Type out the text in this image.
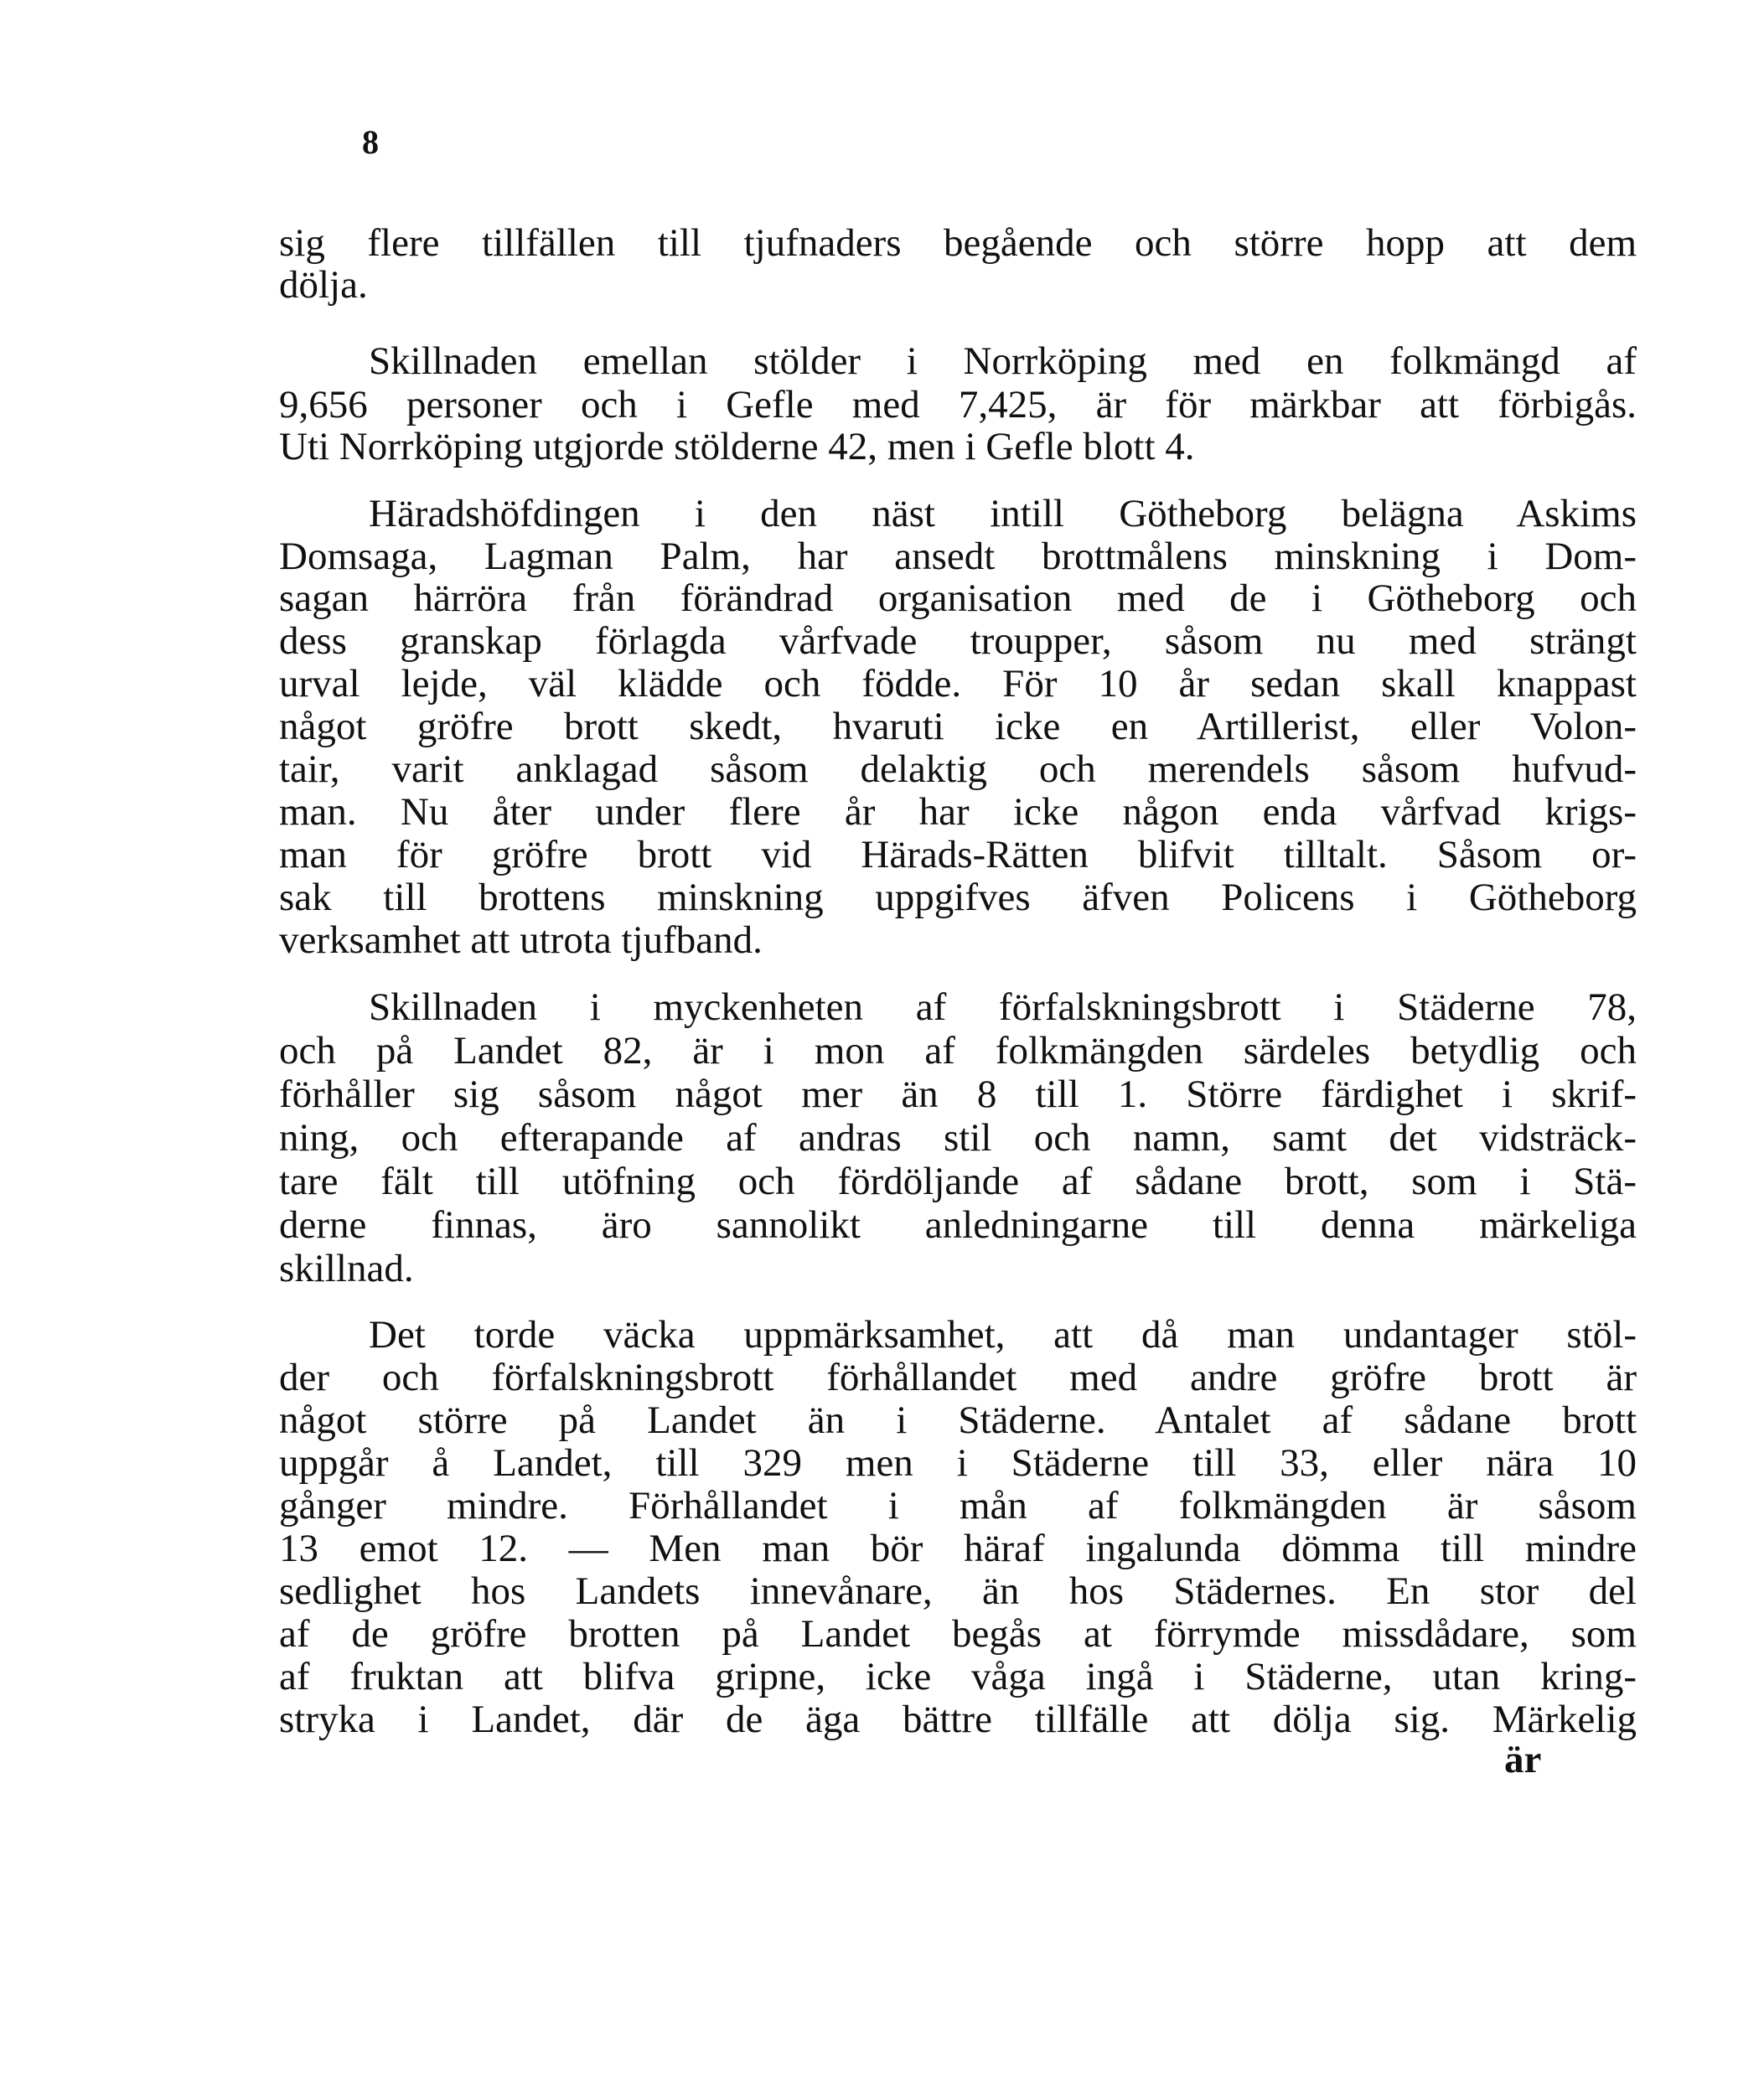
8
sig flere tillfällen till tjufnaders begående och större hopp att dem
dölja.
Skillnaden emellan stölder i Norrköping med en folkmängd af
9,656 personer och i Gefle med 7,425, är för märkbar att förbigås.
Uti Norrköping utgjorde stölderne 42, men i Gefle blott 4.
Häradshöfdingen i den näst intill Götheborg belägna Askims
Domsaga, Lagman Palm, har ansedt brottmålens minskning i Dom-
sagan härröra från förändrad organisation med de i Götheborg och
dess granskap förlagda vårfvade troupper, såsom nu med strängt
urval lejde, väl klädde och födde. För 10 år sedan skall knappast
något gröfre brott skedt, hvaruti icke en Artillerist, eller Volon-
tair, varit anklagad såsom delaktig och merendels såsom hufvud-
man. Nu åter under flere år har icke någon enda vårfvad krigs-
man för gröfre brott vid Härads-Rätten blifvit tilltalt. Såsom or-
sak till brottens minskning uppgifves äfven Policens i Götheborg
verksamhet att utrota tjufband.
Skillnaden i myckenheten af förfalskningsbrott i Städerne 78,
och på Landet 82, är i mon af folkmängden särdeles betydlig och
förhåller sig såsom något mer än 8 till 1. Större färdighet i skrif-
ning, och efterapande af andras stil och namn, samt det vidsträck-
tare fält till utöfning och fördöljande af sådane brott, som i Stä-
derne finnas, äro sannolikt anledningarne till denna märkeliga
skillnad.
Det torde väcka uppmärksamhet, att då man undantager stöl-
der och förfalskningsbrott förhållandet med andre gröfre brott är
något större på Landet än i Städerne. Antalet af sådane brott
uppgår å Landet, till 329 men i Städerne till 33, eller nära 10
gånger mindre. Förhållandet i mån af folkmängden är såsom
13 emot 12. — Men man bör häraf ingalunda dömma till mindre
sedlighet hos Landets innevånare, än hos Städernes. En stor del
af de gröfre brotten på Landet begås at förrymde missdådare, som
af fruktan att blifva gripne, icke våga ingå i Städerne, utan kring-
stryka i Landet, där de äga bättre tillfälle att dölja sig. Märkelig
är
